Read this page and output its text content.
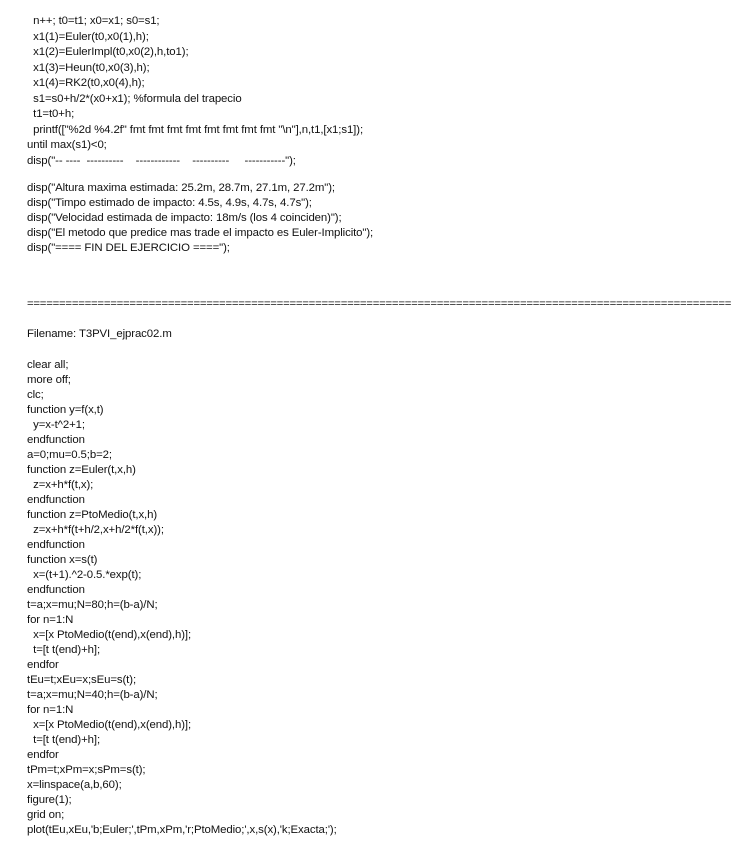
n++; t0=t1; x0=x1; s0=s1;
x1(1)=Euler(t0,x0(1),h);
x1(2)=EulerImpl(t0,x0(2),h,to1);
x1(3)=Heun(t0,x0(3),h);
x1(4)=RK2(t0,x0(4),h);
s1=s0+h/2*(x0+x1); %formula del trapecio
t1=t0+h;
printf(["%2d %4.2f" fmt fmt fmt fmt fmt fmt fmt fmt "\n"],n,t1,[x1;s1]);
until max(s1)<0;
disp("-- ----  ----------    ------------    ----------     -----------");
disp("Altura maxima estimada: 25.2m, 28.7m, 27.1m, 27.2m");
disp("Timpo estimado de impacto: 4.5s, 4.9s, 4.7s, 4.7s");
disp("Velocidad estimada de impacto: 18m/s (los 4 coinciden)");
disp("El metodo que predice mas trade el impacto es Euler-Implicito");
disp("==== FIN DEL EJERCICIO ====");
==============================================================================================================
Filename: T3PVI_ejprac02.m
clear all;
more off;
clc;
function y=f(x,t)
y=x-t^2+1;
endfunction
a=0;mu=0.5;b=2;
function z=Euler(t,x,h)
z=x+h*f(t,x);
endfunction
function z=PtoMedio(t,x,h)
z=x+h*f(t+h/2,x+h/2*f(t,x));
endfunction
function x=s(t)
x=(t+1).^2-0.5.*exp(t);
endfunction
t=a;x=mu;N=80;h=(b-a)/N;
for n=1:N
x=[x PtoMedio(t(end),x(end),h)];
t=[t t(end)+h];
endfor
tEu=t;xEu=x;sEu=s(t);
t=a;x=mu;N=40;h=(b-a)/N;
for n=1:N
x=[x PtoMedio(t(end),x(end),h)];
t=[t t(end)+h];
endfor
tPm=t;xPm=x;sPm=s(t);
x=linspace(a,b,60);
figure(1);
grid on;
plot(tEu,xEu,'b;Euler;',tPm,xPm,'r;PtoMedio;',x,s(x),'k;Exacta;');
